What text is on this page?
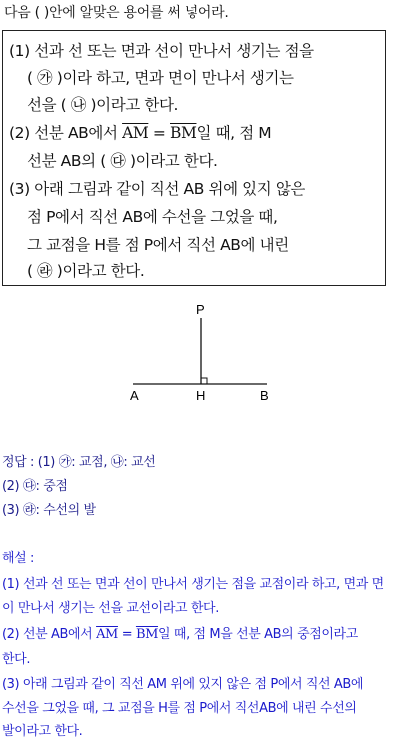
다음 ( )안에 알맞은 용어를 써 넣어라.
(1) 선과 선 또는 면과 선이 만나서 생기는 점을
( ㉮ )이라 하고, 면과 면이 만나서 생기는
선을 ( ㉯ )이라고 한다.
(2) 선분 AB에서 $\overline{AM} = \overline{BM}$일 때, 점 M
선분 AB의 ( ㉰ )이라고 한다.
(3) 아래 그림과 같이 직선 AB 위에 있지 않은
점 P에서 직선 AB에 수선을 그었을 때,
그 교점을 H를 점 P에서 직선 AB에 내린
( ㉱ )이라고 한다.
P
A	H	B
정답 : (1) ㉮: 교점, ㉯: 교선
(2) ㉰: 중점
(3) ㉱: 수선의 발
해설 :
(1) 선과 선 또는 면과 선이 만나서 생기는 점을 교점이라 하고, 면과 면
이 만나서 생기는 선을 교선이라고 한다.
(2) 선분 AB에서 $\overline{AM} = \overline{BM}$일 때, 점 M을 선분 AB의 중점이라고
한다.
(3) 아래 그림과 같이 직선 AM 위에 있지 않은 점 P에서 직선 AB에
수선을 그었을 때, 그 교점을 H를 점 P에서 직선AB에 내린 수선의
발이라고 한다.
